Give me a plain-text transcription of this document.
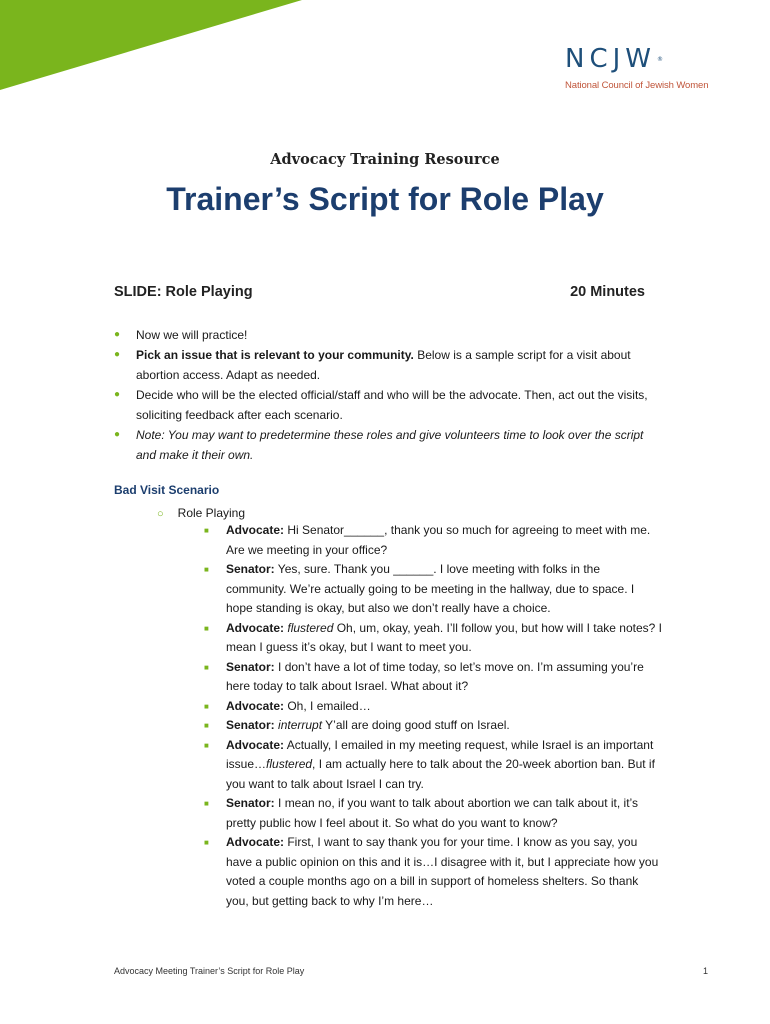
NCJW ®
National Council of Jewish Women
Advocacy Training Resource
Trainer’s Script for Role Play
SLIDE: Role Playing	20 Minutes
● Now we will practice!
● Pick an issue that is relevant to your community. Below is a sample script for a visit about abortion access. Adapt as needed.
● Decide who will be the elected official/staff and who will be the advocate. Then, act out the visits, soliciting feedback after each scenario.
● Note: You may want to predetermine these roles and give volunteers time to look over the script and make it their own.
Bad Visit Scenario
○ Role Playing
■ Advocate: Hi Senator______, thank you so much for agreeing to meet with me. Are we meeting in your office?
■ Senator: Yes, sure. Thank you ______. I love meeting with folks in the community. We’re actually going to be meeting in the hallway, due to space. I hope standing is okay, but also we don’t really have a choice.
■ Advocate: flustered Oh, um, okay, yeah. I’ll follow you, but how will I take notes? I mean I guess it’s okay, but I want to meet you.
■ Senator: I don’t have a lot of time today, so let’s move on. I’m assuming you’re here today to talk about Israel. What about it?
■ Advocate: Oh, I emailed…
■ Senator: interrupt Y’all are doing good stuff on Israel.
■ Advocate: Actually, I emailed in my meeting request, while Israel is an important issue…flustered, I am actually here to talk about the 20-week abortion ban. But if you want to talk about Israel I can try.
■ Senator: I mean no, if you want to talk about abortion we can talk about it, it’s pretty public how I feel about it. So what do you want to know?
■ Advocate: First, I want to say thank you for your time. I know as you say, you have a public opinion on this and it is…I disagree with it, but I appreciate how you voted a couple months ago on a bill in support of homeless shelters. So thank you, but getting back to why I’m here…
Advocacy Meeting Trainer’s Script for Role Play	1
